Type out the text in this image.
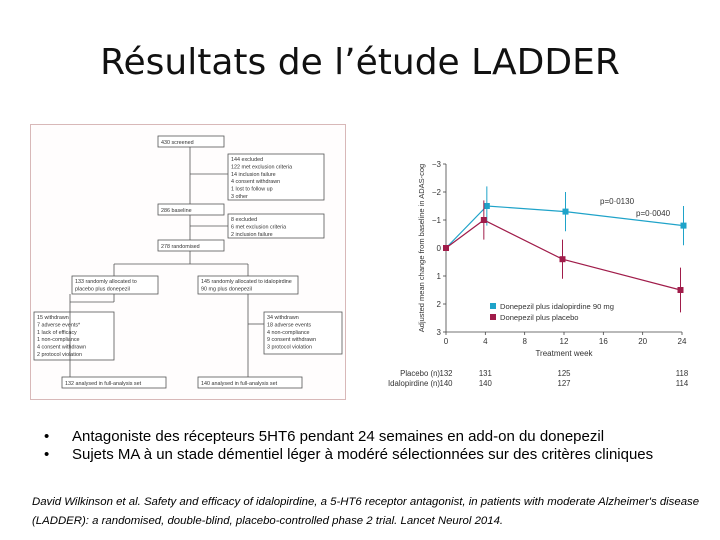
Résultats de l’étude LADDER
430 screened
286 baseline
278 randomised
132 analysed in full-analysis set	140 analysed in full-analysis set
144 excluded
122 met exclusion criteria
14 inclusion failure
4 consent withdrawn
1 lost to follow up
3 other
8 excluded
6 met exclusion criteria
2 inclusion failure
133 randomly allocated to
placebo plus donepezil
145 randomly allocated to idalopirdine
90 mg plus donepezil
15 withdrawn
7 adverse events*
1 lack of efficacy
1 non-compliance
4 consent withdrawn
2 protocol violation
34 withdrawn
18 adverse events
4 non-compliance
9 consent withdrawn
3 protocol violation
−3
−2
−1
0
1
2
3
0	4	8	12	16	20	24
Treatment week
Adjusted mean change from baseline in ADAS-cog	p=0·0130
p=0·0040
Donepezil plus idalopirdine 90 mg
Donepezil plus placebo
Placebo (n) 132	131	125	118
Idalopirdine (n) 140	140	127	114
• Antagoniste des récepteurs 5HT6 pendant 24 semaines en add-on du donepezil
• Sujets MA à un stade démentiel léger à modéré sélectionnées sur des critères cliniques
David Wilkinson et al. Safety and efficacy of idalopirdine, a 5-HT6 receptor antagonist, in patients with moderate Alzheimer's disease (LADDER): a randomised, double-blind, placebo-controlled phase 2 trial. Lancet Neurol 2014.
